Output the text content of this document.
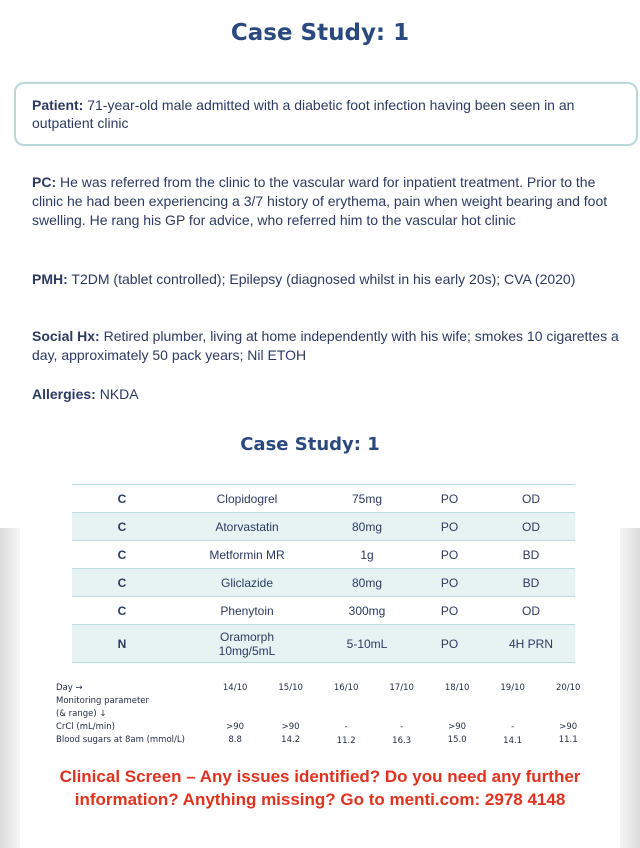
Case Study: 1
Patient: 71-year-old male admitted with a diabetic foot infection having been seen in an outpatient clinic
PC: He was referred from the clinic to the vascular ward for inpatient treatment. Prior to the clinic he had been experiencing a 3/7 history of erythema, pain when weight bearing and foot swelling. He rang his GP for advice, who referred him to the vascular hot clinic
PMH: T2DM (tablet controlled); Epilepsy (diagnosed whilst in his early 20s); CVA (2020)
Social Hx: Retired plumber, living at home independently with his wife; smokes 10 cigarettes a day, approximately 50 pack years; Nil ETOH
Allergies: NKDA
Case Study: 1
C	Clopidogrel	75mg	PO	OD
C	Atorvastatin	80mg	PO	OD
C	Metformin MR	1g	PO	BD
C	Gliclazide	80mg	PO	BD
C	Phenytoin	300mg	PO	OD
N	Oramorph
10mg/5mL	5-10mL	PO	4H PRN
Day →	14/10	15/10	16/10	17/10	18/10	19/10	20/10
Monitoring parameter							
(& range) ↓							
CrCl (mL/min)	>90	>90	-	-	>90	-	>90
Blood sugars at 8am (mmol/L)	8.8	14.2	11.2	16.3	15.0	14.1	11.1
Clinical Screen – Any issues identified? Do you need any further information? Anything missing? Go to menti.com: 2978 4148
